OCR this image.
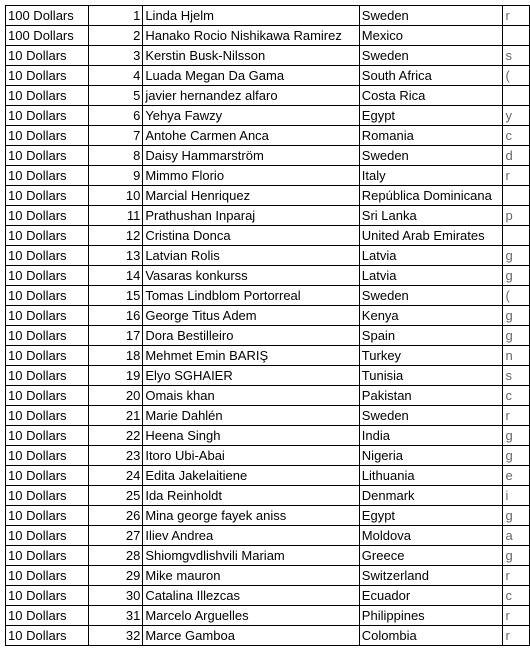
100 Dollars	1	Linda Hjelm	Sweden	r
100 Dollars	2	Hanako Rocio Nishikawa Ramirez	Mexico	
10 Dollars	3	Kerstin Busk-Nilsson	Sweden	s
10 Dollars	4	Luada Megan Da Gama	South Africa	(
10 Dollars	5	javier hernandez alfaro	Costa Rica	
10 Dollars	6	Yehya Fawzy	Egypt	y
10 Dollars	7	Antohe Carmen Anca	Romania	c
10 Dollars	8	Daisy Hammarström	Sweden	d
10 Dollars	9	Mimmo Florio	Italy	r
10 Dollars	10	Marcial Henriquez	República Dominicana	
10 Dollars	11	Prathushan Inparaj	Sri Lanka	p
10 Dollars	12	Cristina Donca	United Arab Emirates	
10 Dollars	13	Latvian Rolis	Latvia	g
10 Dollars	14	Vasaras konkurss	Latvia	g
10 Dollars	15	Tomas Lindblom Portorreal	Sweden	(
10 Dollars	16	George Titus Adem	Kenya	g
10 Dollars	17	Dora Bestilleiro	Spain	g
10 Dollars	18	Mehmet Emin BARIŞ	Turkey	n
10 Dollars	19	Elyo SGHAIER	Tunisia	s
10 Dollars	20	Omais khan	Pakistan	c
10 Dollars	21	Marie Dahlén	Sweden	r
10 Dollars	22	Heena Singh	India	g
10 Dollars	23	Itoro Ubi-Abai	Nigeria	g
10 Dollars	24	Edita Jakelaitiene	Lithuania	e
10 Dollars	25	Ida Reinholdt	Denmark	i
10 Dollars	26	Mina george fayek aniss	Egypt	g
10 Dollars	27	Iliev Andrea	Moldova	a
10 Dollars	28	Shiomgvdlishvili Mariam	Greece	g
10 Dollars	29	Mike mauron	Switzerland	r
10 Dollars	30	Catalina Illezcas	Ecuador	c
10 Dollars	31	Marcelo Arguelles	Philippines	r
10 Dollars	32	Marce Gamboa	Colombia	r
